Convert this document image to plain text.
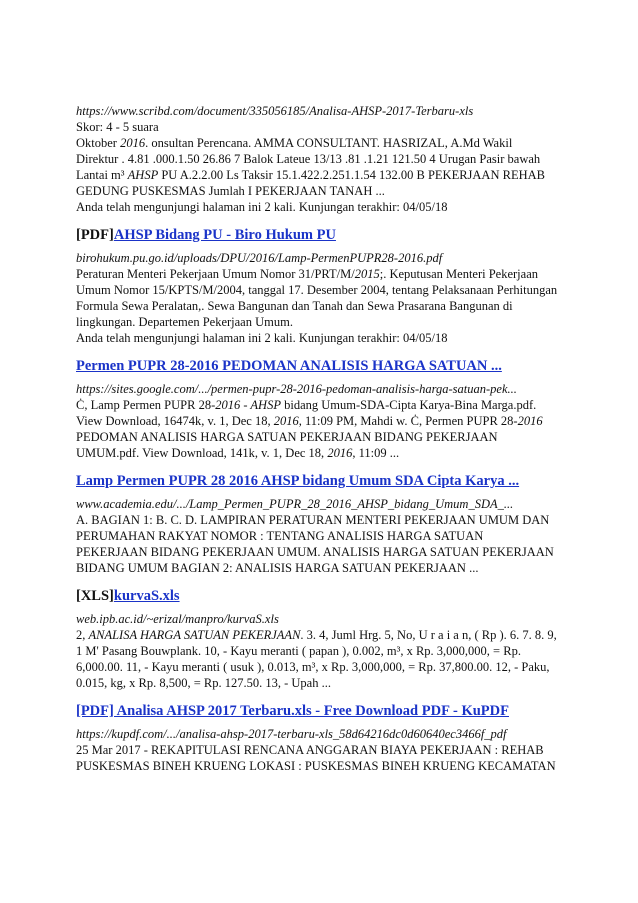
https://www.scribd.com/document/335056185/Analisa-AHSP-2017-Terbaru-xls
Skor: 4 - 5 suara
Oktober 2016. onsultan Perencana. AMMA CONSULTANT. HASRIZAL, A.Md Wakil
Direktur . 4.81 .000.1.50 26.86 7 Balok Lateue 13/13 .81 .1.21 121.50 4 Urugan Pasir bawah
Lantai m³ AHSP PU A.2.2.00 Ls Taksir 15.1.422.2.251.1.54 132.00 B PEKERJAAN REHAB
GEDUNG PUSKESMAS Jumlah I PEKERJAAN TANAH ...
Anda telah mengunjungi halaman ini 2 kali. Kunjungan terakhir: 04/05/18
[PDF]AHSP Bidang PU - Biro Hukum PU
birohukum.pu.go.id/uploads/DPU/2016/Lamp-PermenPUPR28-2016.pdf
Peraturan Menteri Pekerjaan Umum Nomor 31/PRT/M/2015;. Keputusan Menteri Pekerjaan
Umum Nomor 15/KPTS/M/2004, tanggal 17. Desember 2004, tentang Pelaksanaan Perhitungan
Formula Sewa Peralatan,. Sewa Bangunan dan Tanah dan Sewa Prasarana Bangunan di
lingkungan. Departemen Pekerjaan Umum.
Anda telah mengunjungi halaman ini 2 kali. Kunjungan terakhir: 04/05/18
Permen PUPR 28-2016 PEDOMAN ANALISIS HARGA SATUAN ...
https://sites.google.com/.../permen-pupr-28-2016-pedoman-analisis-harga-satuan-pek...
Ċ, Lamp Permen PUPR 28-2016 - AHSP bidang Umum-SDA-Cipta Karya-Bina Marga.pdf.
View Download, 16474k, v. 1, Dec 18, 2016, 11:09 PM, Mahdi w. Ċ, Permen PUPR 28-2016
PEDOMAN ANALISIS HARGA SATUAN PEKERJAAN BIDANG PEKERJAAN
UMUM.pdf. View Download, 141k, v. 1, Dec 18, 2016, 11:09 ...
Lamp Permen PUPR 28 2016 AHSP bidang Umum SDA Cipta Karya ...
www.academia.edu/.../Lamp_Permen_PUPR_28_2016_AHSP_bidang_Umum_SDA_...
A. BAGIAN 1: B. C. D. LAMPIRAN PERATURAN MENTERI PEKERJAAN UMUM DAN
PERUMAHAN RAKYAT NOMOR : TENTANG ANALISIS HARGA SATUAN
PEKERJAAN BIDANG PEKERJAAN UMUM. ANALISIS HARGA SATUAN PEKERJAAN
BIDANG UMUM BAGIAN 2: ANALISIS HARGA SATUAN PEKERJAAN ...
[XLS]kurvaS.xls
web.ipb.ac.id/~erizal/manpro/kurvaS.xls
2, ANALISA HARGA SATUAN PEKERJAAN. 3. 4, Juml Hrg. 5, No, U r a i a n, ( Rp ). 6. 7. 8. 9,
1 M' Pasang Bouwplank. 10, - Kayu meranti ( papan ), 0.002, m³, x Rp. 3,000,000, = Rp.
6,000.00. 11, - Kayu meranti ( usuk ), 0.013, m³, x Rp. 3,000,000, = Rp. 37,800.00. 12, - Paku,
0.015, kg, x Rp. 8,500, = Rp. 127.50. 13, - Upah ...
[PDF] Analisa AHSP 2017 Terbaru.xls - Free Download PDF - KuPDF
https://kupdf.com/.../analisa-ahsp-2017-terbaru-xls_58d64216dc0d60640ec3466f_pdf
25 Mar 2017 - REKAPITULASI RENCANA ANGGARAN BIAYA PEKERJAAN : REHAB
PUSKESMAS BINEH KRUENG LOKASI : PUSKESMAS BINEH KRUENG KECAMATAN
